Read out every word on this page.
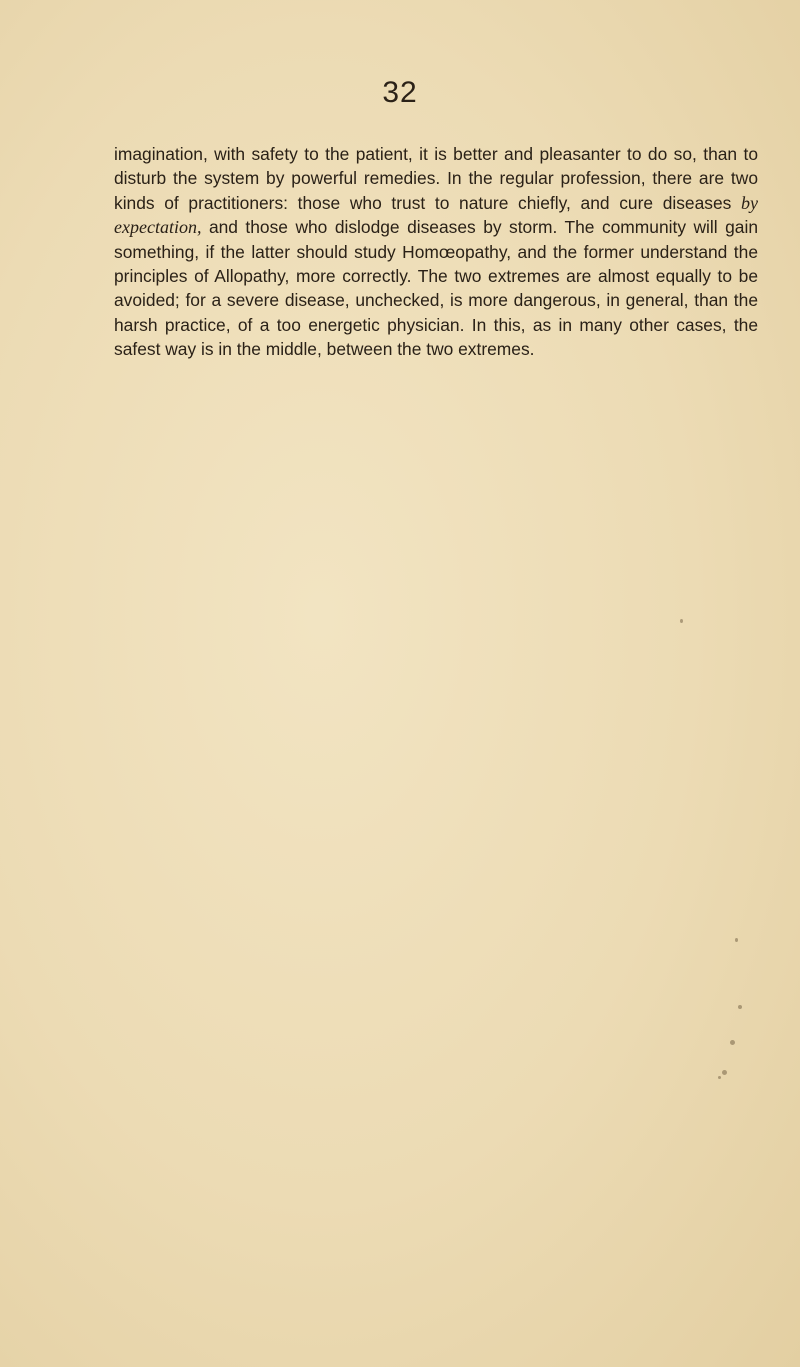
32

imagination, with safety to the patient, it is better and pleasanter to do so, than to disturb the system by powerful remedies. In the regular profession, there are two kinds of practitioners: those who trust to nature chiefly, and cure diseases by expectation, and those who dislodge diseases by storm. The community will gain something, if the latter should study Homœopathy, and the former understand the principles of Allopathy, more correctly. The two extremes are almost equally to be avoided; for a severe disease, unchecked, is more dangerous, in general, than the harsh practice, of a too energetic physician. In this, as in many other cases, the safest way is in the middle, between the two extremes.
